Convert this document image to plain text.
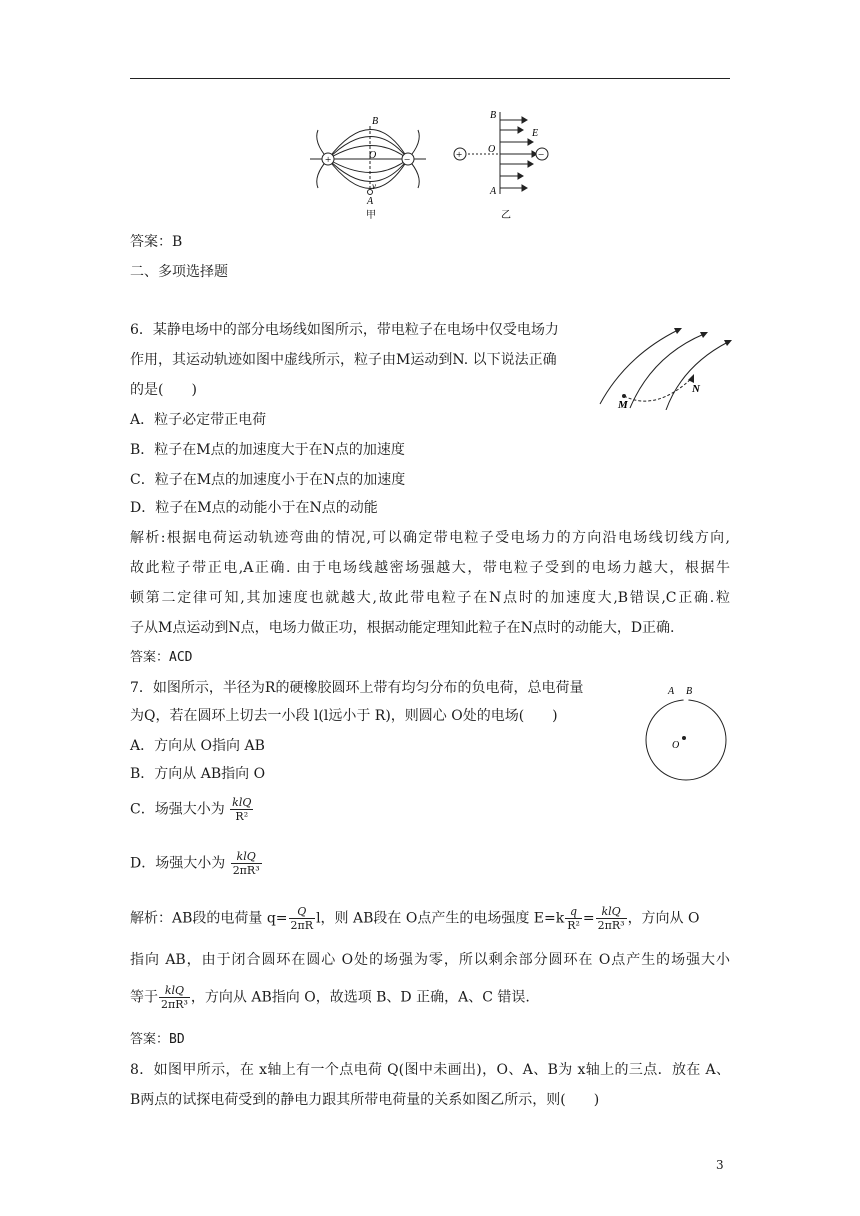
+	−
B
O
v
A
甲
+	−
B
O
A
E
乙
答案：B
二、多项选择题
6．某静电场中的部分电场线如图所示，带电粒子在电场中仅受电场力
作用，其运动轨迹如图中虚线所示，粒子由M运动到N. 以下说法正确
的是(　　)
A．粒子必定带正电荷
B．粒子在M点的加速度大于在N点的加速度
C．粒子在M点的加速度小于在N点的加速度
D．粒子在M点的动能小于在N点的动能
M
N
解析:根据电荷运动轨迹弯曲的情况,可以确定带电粒子受电场力的方向沿电场线切线方向,
故此粒子带正电,A正确. 由于电场线越密场强越大，带电粒子受到的电场力越大，根据牛
顿第二定律可知,其加速度也就越大,故此带电粒子在N点时的加速度大,B错误,C正确.粒
子从M点运动到N点，电场力做正功，根据动能定理知此粒子在N点时的动能大，D正确.
答案：ACD
7．如图所示，半径为R的硬橡胶圆环上带有均匀分布的负电荷，总电荷量
为Q，若在圆环上切去一小段 l(l远小于 R)，则圆心 O处的电场(　　)
A．方向从 O指向 AB
B．方向从 AB指向 O
C．场强大小为 $\frac{\text{klQ}}{\text{R²}}$
D．场强大小为 $\frac{\text{klQ}}{\text{2πR³}}$
A B
O
解析：AB段的电荷量 $q= \frac{Q}{2\pi R}$ l，则 AB段在 O点产生的电场强度 $E=k \frac{q}{\text{R²}} = \frac{\text{klQ}}{\text{2πR³}}$ ，方向从 O
指向 AB，由于闭合圆环在圆心 O处的场强为零，所以剩余部分圆环在 O点产生的场强大小
等于 $\frac{\text{klQ}}{\text{2πR³}}$ ，方向从 AB指向 O，故选项 B、D 正确，A、C 错误.
答案：BD
8．如图甲所示，在 x轴上有一个点电荷 Q(图中未画出)，O、A、B为 x轴上的三点．放在 A、
B两点的试探电荷受到的静电力跟其所带电荷量的关系如图乙所示，则(　　)
3
